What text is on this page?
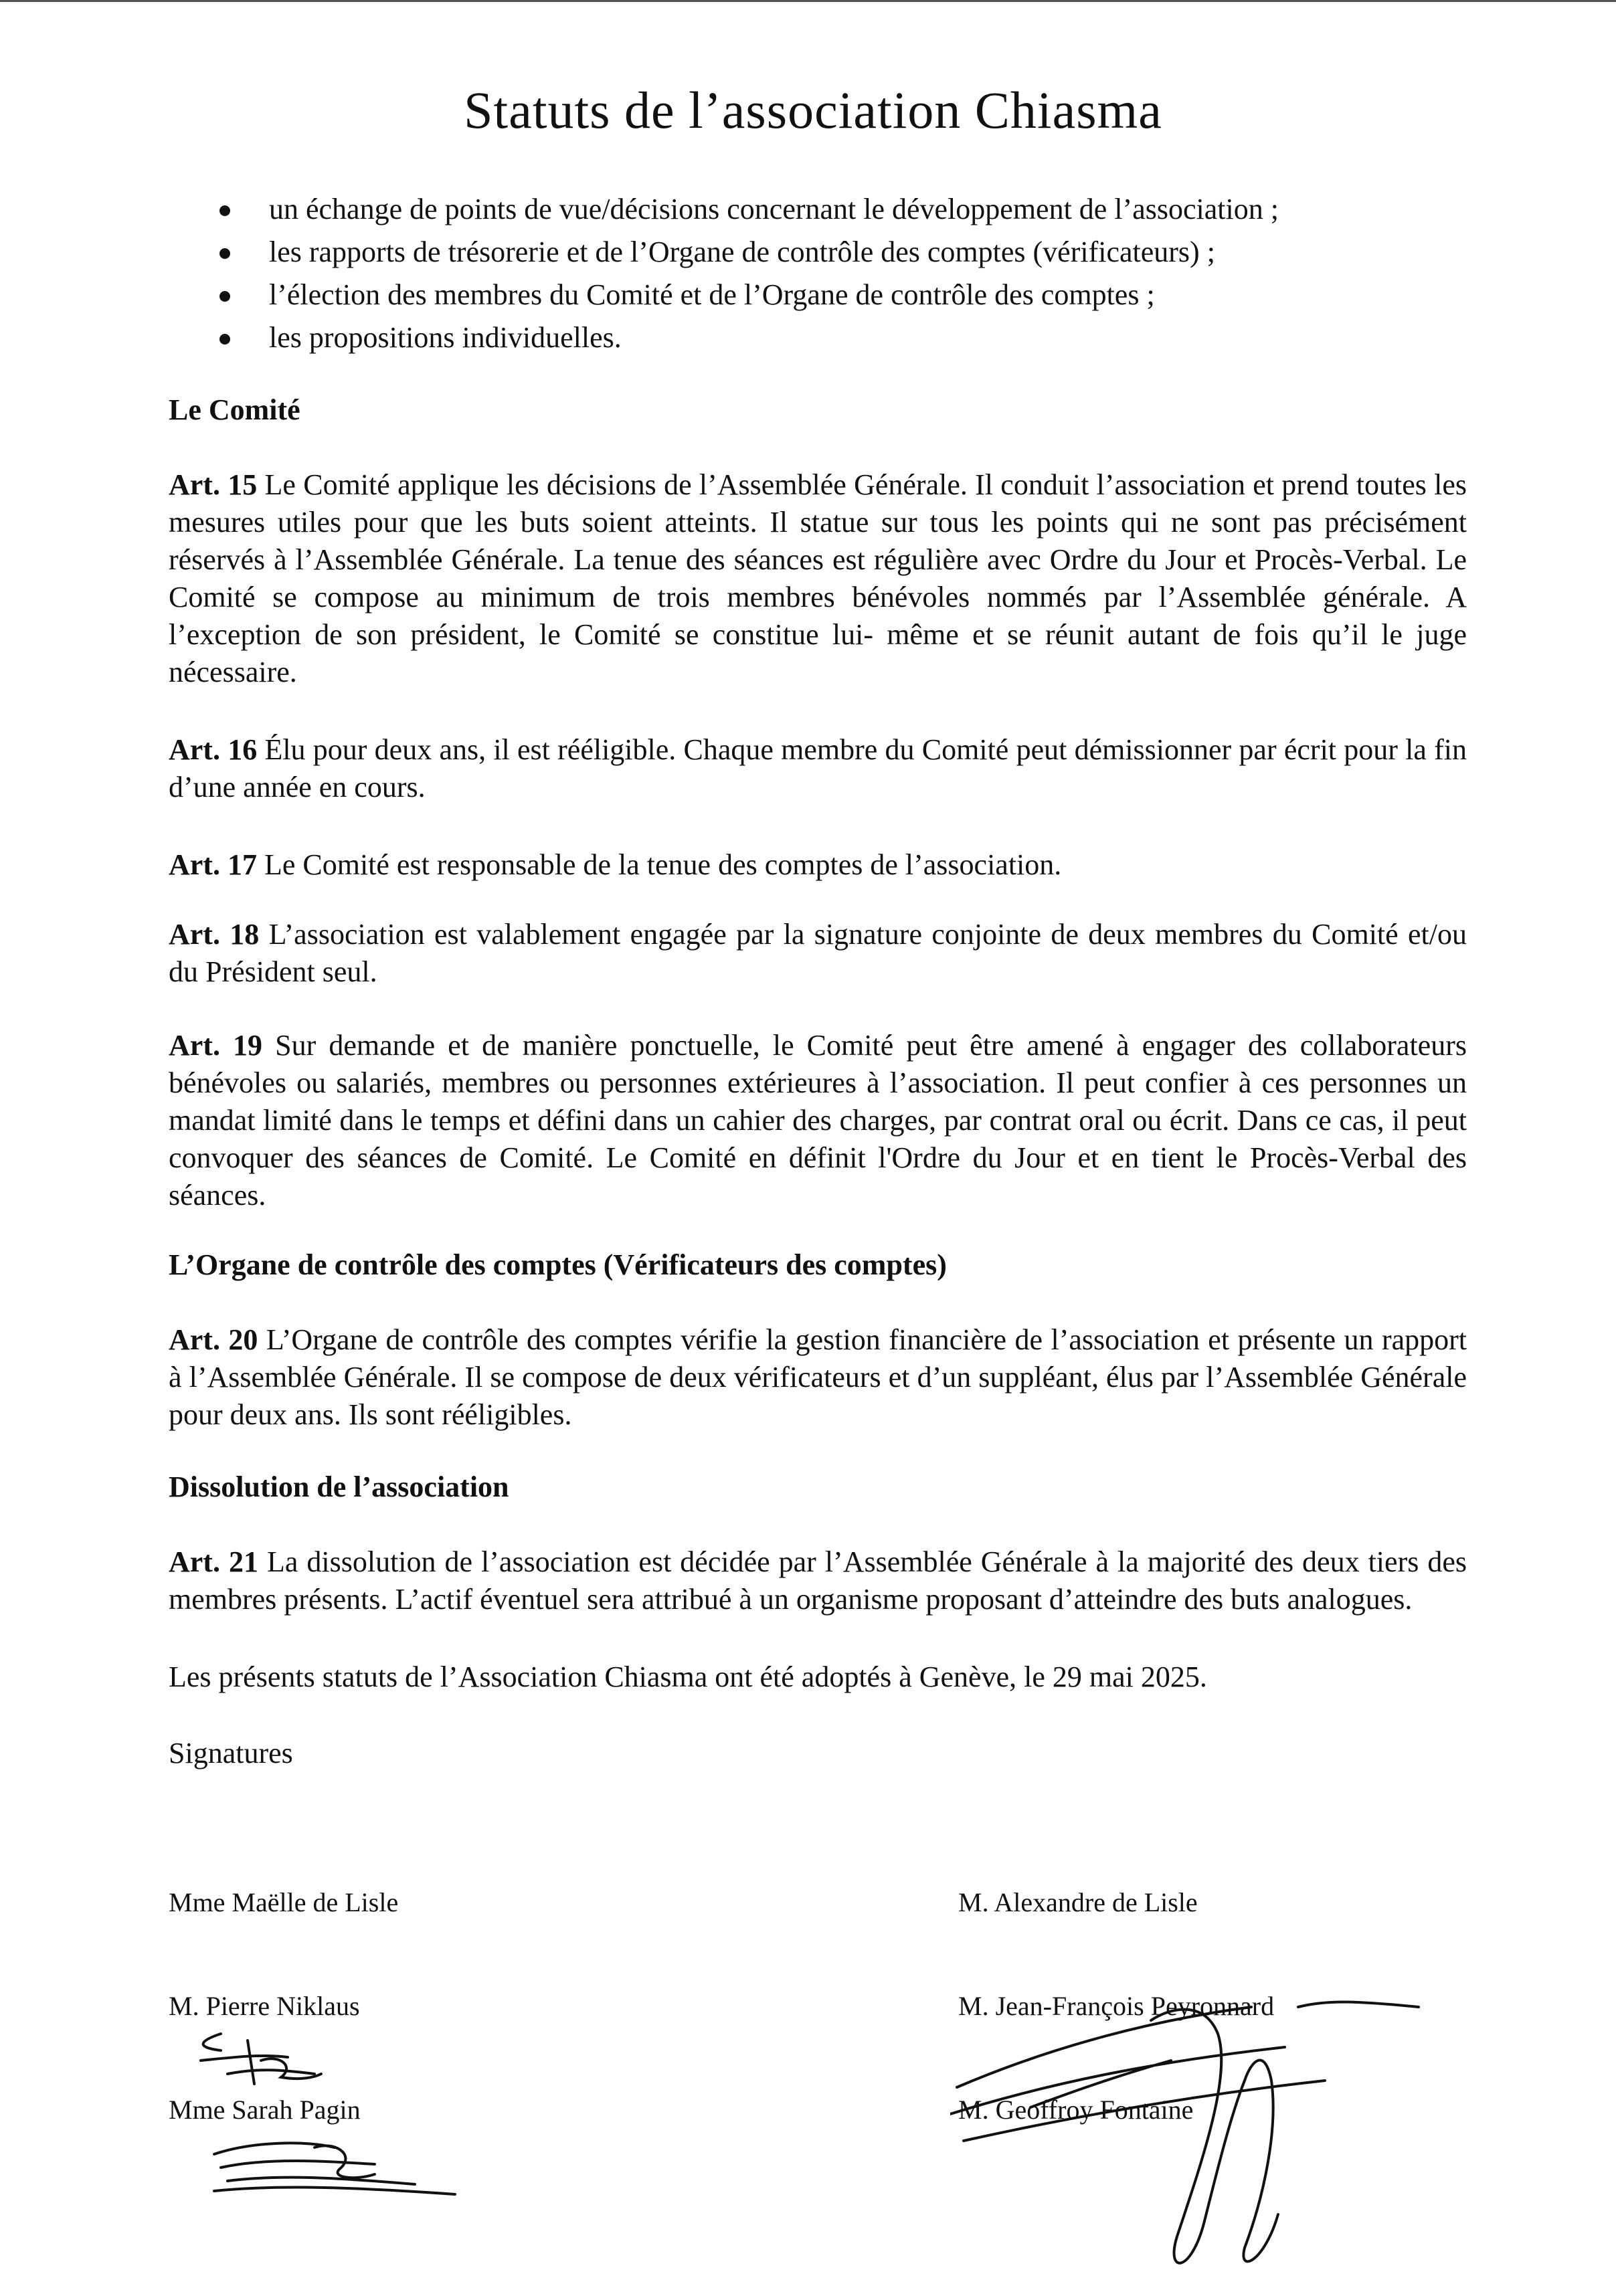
Statuts de l’association Chiasma
un échange de points de vue/décisions concernant le développement de l’association ;
les rapports de trésorerie et de l’Organe de contrôle des comptes (vérificateurs) ;
l’élection des membres du Comité et de l’Organe de contrôle des comptes ;
les propositions individuelles.
Le Comité

Art. 15 Le Comité applique les décisions de l’Assemblée Générale. Il conduit l’association et prend toutes les mesures utiles pour que les buts soient atteints. Il statue sur tous les points qui ne sont pas précisément réservés à l’Assemblée Générale. La tenue des séances est régulière avec Ordre du Jour et Procès-Verbal. Le Comité se compose au minimum de trois membres bénévoles nommés par l’Assemblée générale. A l’exception de son président, le Comité se constitue lui- même et se réunit autant de fois qu’il le juge nécessaire.

Art. 16 Élu pour deux ans, il est rééligible. Chaque membre du Comité peut démissionner par écrit pour la fin d’une année en cours.

Art. 17 Le Comité est responsable de la tenue des comptes de l’association.

Art. 18 L’association est valablement engagée par la signature conjointe de deux membres du Comité et/ou du Président seul.

Art. 19 Sur demande et de manière ponctuelle, le Comité peut être amené à engager des collaborateurs bénévoles ou salariés, membres ou personnes extérieures à l’association. Il peut confier à ces personnes un mandat limité dans le temps et défini dans un cahier des charges, par contrat oral ou écrit. Dans ce cas, il peut convoquer des séances de Comité. Le Comité en définit l'Ordre du Jour et en tient le Procès-Verbal des séances.

L’Organe de contrôle des comptes (Vérificateurs des comptes)

Art. 20 L’Organe de contrôle des comptes vérifie la gestion financière de l’association et présente un rapport à l’Assemblée Générale. Il se compose de deux vérificateurs et d’un suppléant, élus par l’Assemblée Générale pour deux ans. Ils sont rééligibles.

Dissolution de l’association

Art. 21 La dissolution de l’association est décidée par l’Assemblée Générale à la majorité des deux tiers des membres présents. L’actif éventuel sera attribué à un organisme proposant d’atteindre des buts analogues.

Les présents statuts de l’Association Chiasma ont été adoptés à Genève, le 29 mai 2025.

Signatures

Mme Maëlle de Lisle
M. Pierre Niklaus
Mme Sarah Pagin
M. Alexandre de Lisle
M. Jean-François Peyronnard
M. Geoffroy Fontaine
